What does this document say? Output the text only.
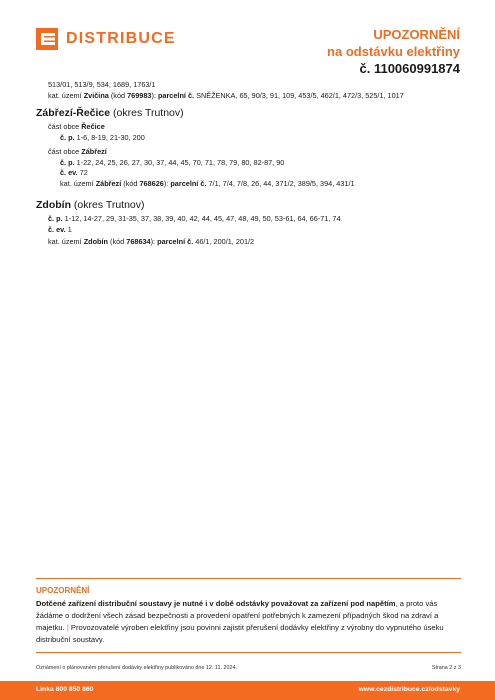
DISTRIBUCE	UPOZORNĚNÍ
na odstávku elektřiny
č. 110060991874
513/01, 513/9, 534, 1689, 1763/1
kat. území Zvičina (kód 769983): parcelní č. SNĚŽENKA, 65, 90/3, 91, 109, 453/5, 462/1, 472/3, 525/1, 1017
Zábřezí-Řečice (okres Trutnov)
část obce Řečice
č. p. 1-6, 8-19, 21-30, 200
část obce Zábřezí
č. p. 1-22, 24, 25, 26, 27, 30, 37, 44, 45, 70, 71, 78, 79, 80, 82-87, 90
č. ev. 72
kat. území Zábřezí (kód 768626): parcelní č. 7/1, 7/4, 7/8, 26, 44, 371/2, 389/5, 394, 431/1
Zdobín (okres Trutnov)
č. p. 1-12, 14-27, 29, 31-35, 37, 38, 39, 40, 42, 44, 45, 47, 48, 49, 50, 53-61, 64, 66-71, 74
č. ev. 1
kat. území Zdobín (kód 768634): parcelní č. 46/1, 200/1, 201/2
UPOZORNĚNÍ
Dotčené zařízení distribuční soustavy je nutné i v době odstávky považovat za zařízení pod napětím, a proto vás žádáme o dodržení všech zásad bezpečnosti a provedení opatření potřebných k zamezení případných škod na zdraví a majetku. | Provozovatelé výroben elektřiny jsou povinni zajistit přerušení dodávky elektřiny z výrobny do vypnutého úseku distribuční soustavy.
Oznámení o plánovaném přerušení dodávky elektřiny publikováno dne 12. 11. 2024.	Strana 2 z 3
Linka 800 850 860	www.cezdistribuce.cz/odstavky
